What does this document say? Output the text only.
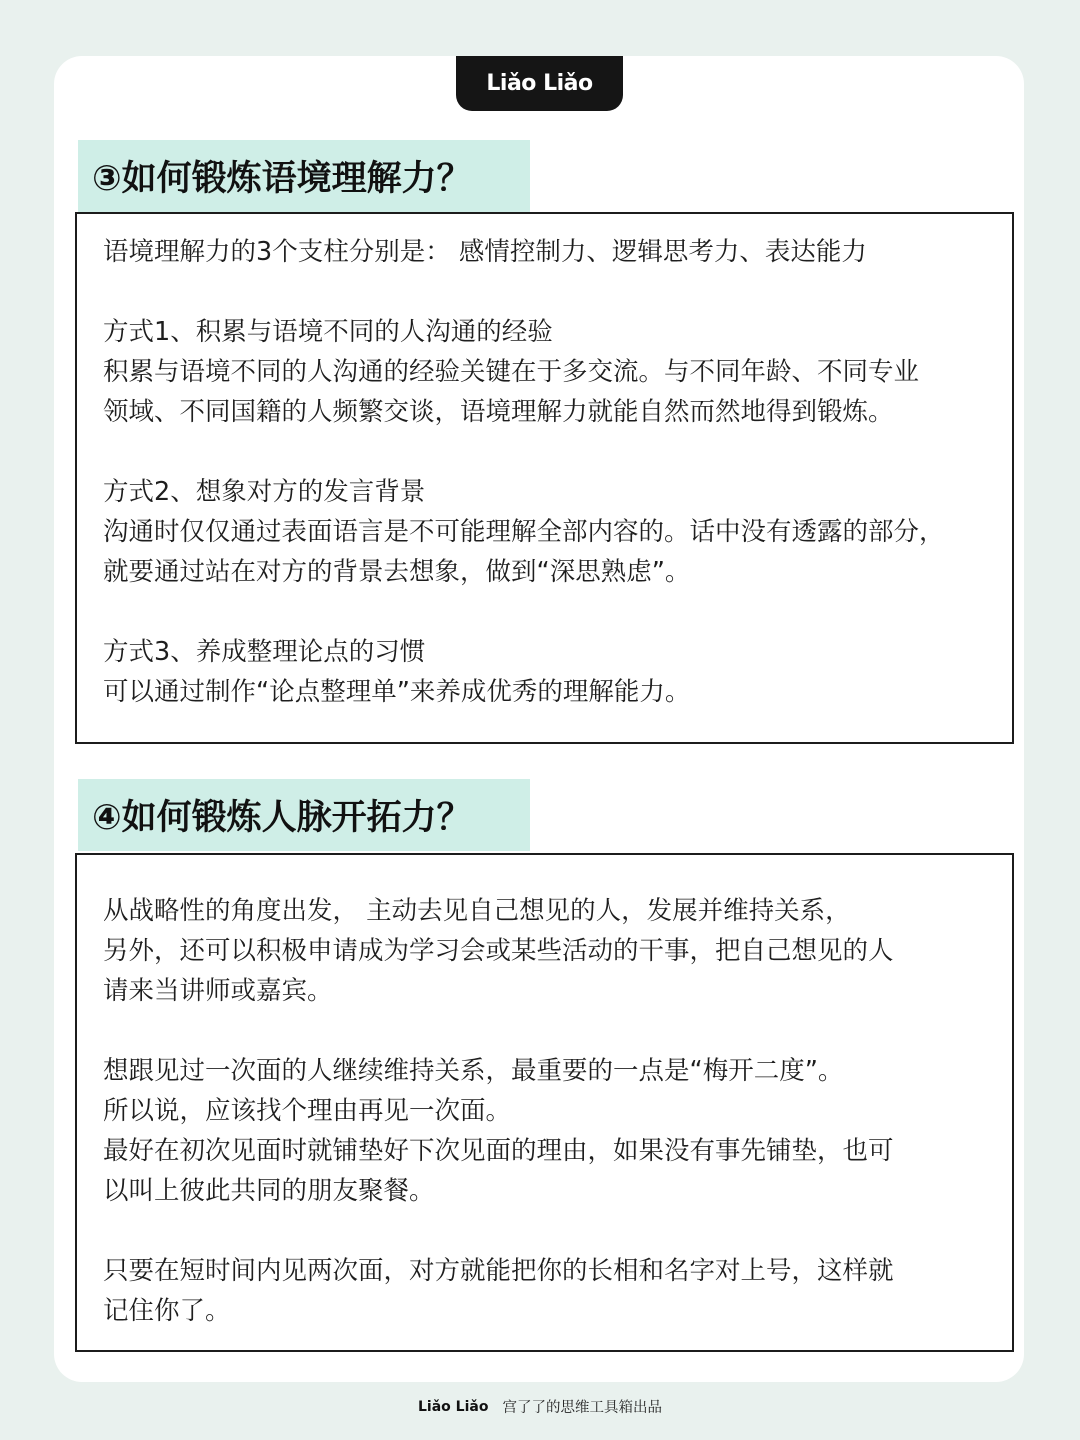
Liǎo Liǎo
③如何锻炼语境理解力？
语境理解力的3个支柱分别是： 感情控制力、逻辑思考力、表达能力
方式1、积累与语境不同的人沟通的经验
积累与语境不同的人沟通的经验关键在于多交流。与不同年龄、不同专业
领域、不同国籍的人频繁交谈，语境理解力就能自然而然地得到锻炼。
方式2、想象对方的发言背景
沟通时仅仅通过表面语言是不可能理解全部内容的。话中没有透露的部分，
就要通过站在对方的背景去想象，做到“深思熟虑”。
方式3、养成整理论点的习惯
可以通过制作“论点整理单”来养成优秀的理解能力。
④如何锻炼人脉开拓力？
从战略性的角度出发， 主动去见自己想见的人，发展并维持关系，
另外，还可以积极申请成为学习会或某些活动的干事，把自己想见的人
请来当讲师或嘉宾。
想跟见过一次面的人继续维持关系，最重要的一点是“梅开二度”。
所以说，应该找个理由再见一次面。
最好在初次见面时就铺垫好下次见面的理由，如果没有事先铺垫，也可
以叫上彼此共同的朋友聚餐。
只要在短时间内见两次面，对方就能把你的长相和名字对上号，这样就
记住你了。
Liǎo Liǎo 宫了了的思维工具箱出品
